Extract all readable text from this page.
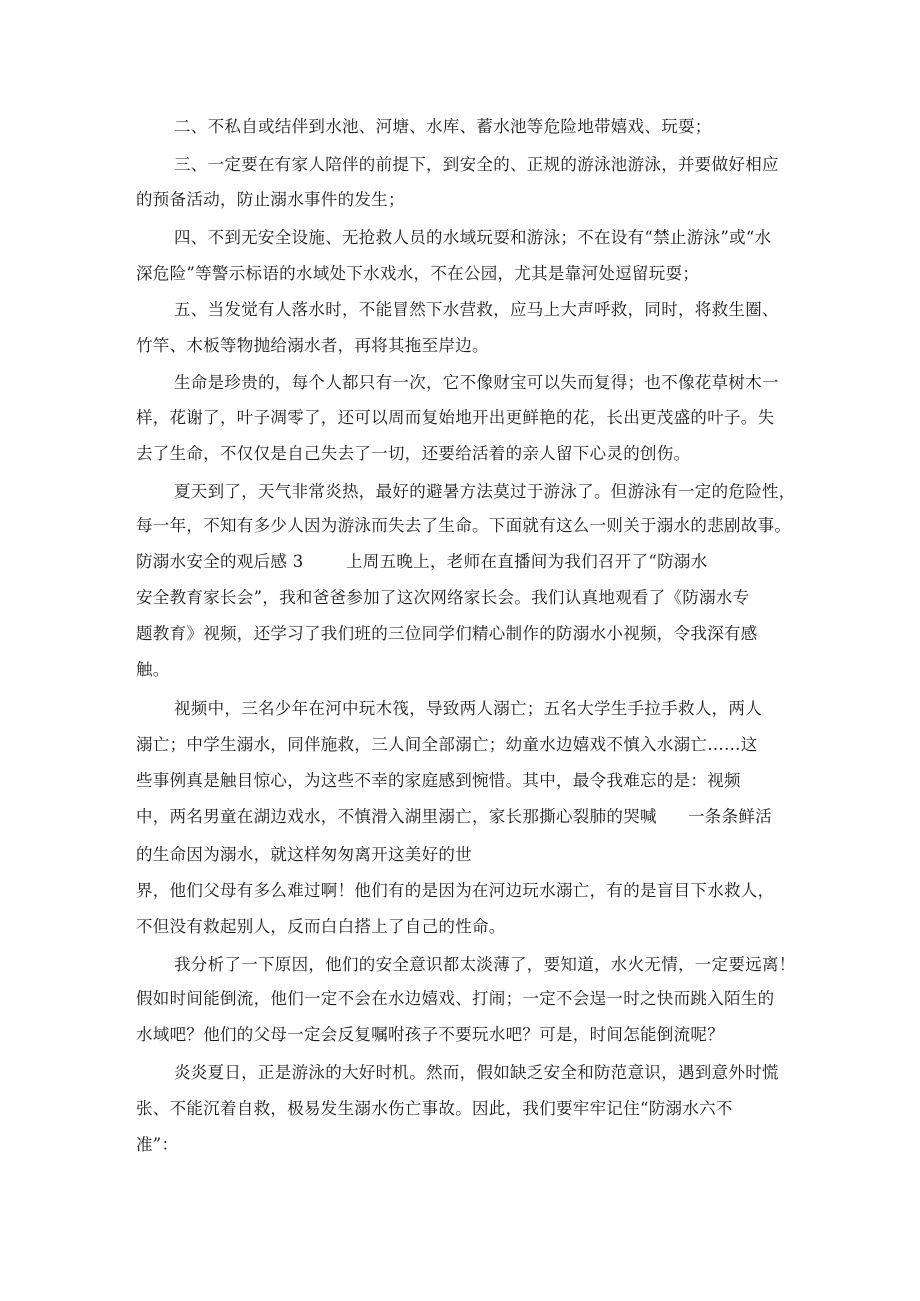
二、不私自或结伴到水池、河塘、水库、蓄水池等危险地带嬉戏、玩耍；
三、一定要在有家人陪伴的前提下，到安全的、正规的游泳池游泳，并要做好相应
的预备活动，防止溺水事件的发生；
四、不到无安全设施、无抢救人员的水域玩耍和游泳；不在设有“禁止游泳”或“水
深危险”等警示标语的水域处下水戏水，不在公园，尤其是靠河处逗留玩耍；
五、当发觉有人落水时，不能冒然下水营救，应马上大声呼救，同时，将救生圈、
竹竿、木板等物抛给溺水者，再将其拖至岸边。
生命是珍贵的，每个人都只有一次，它不像财宝可以失而复得；也不像花草树木一
样，花谢了，叶子凋零了，还可以周而复始地开出更鲜艳的花，长出更茂盛的叶子。失
去了生命，不仅仅是自己失去了一切，还要给活着的亲人留下心灵的创伤。
夏天到了，天气非常炎热，最好的避暑方法莫过于游泳了。但游泳有一定的危险性，
每一年，不知有多少人因为游泳而失去了生命。下面就有这么一则关于溺水的悲剧故事。
防溺水安全的观后感 3	上周五晚上，老师在直播间为我们召开了“防溺水
安全教育家长会”，我和爸爸参加了这次网络家长会。我们认真地观看了《防溺水专
题教育》视频，还学习了我们班的三位同学们精心制作的防溺水小视频，令我深有感
触。
视频中，三名少年在河中玩木筏，导致两人溺亡；五名大学生手拉手救人，两人
溺亡；中学生溺水，同伴施救，三人间全部溺亡；幼童水边嬉戏不慎入水溺亡……这
些事例真是触目惊心，为这些不幸的家庭感到惋惜。其中，最令我难忘的是：视频
中，两名男童在湖边戏水，不慎滑入湖里溺亡，家长那撕心裂肺的哭喊 一条条鲜活
的生命因为溺水，就这样匆匆离开这美好的世
界，他们父母有多么难过啊！他们有的是因为在河边玩水溺亡，有的是盲目下水救人，
不但没有救起别人，反而白白搭上了自己的性命。
我分析了一下原因，他们的安全意识都太淡薄了，要知道，水火无情，一定要远离！
假如时间能倒流，他们一定不会在水边嬉戏、打闹；一定不会逞一时之快而跳入陌生的
水域吧？他们的父母一定会反复嘱咐孩子不要玩水吧？可是，时间怎能倒流呢？
炎炎夏日，正是游泳的大好时机。然而，假如缺乏安全和防范意识，遇到意外时慌
张、不能沉着自救，极易发生溺水伤亡事故。因此，我们要牢牢记住“防溺水六不
准”：
